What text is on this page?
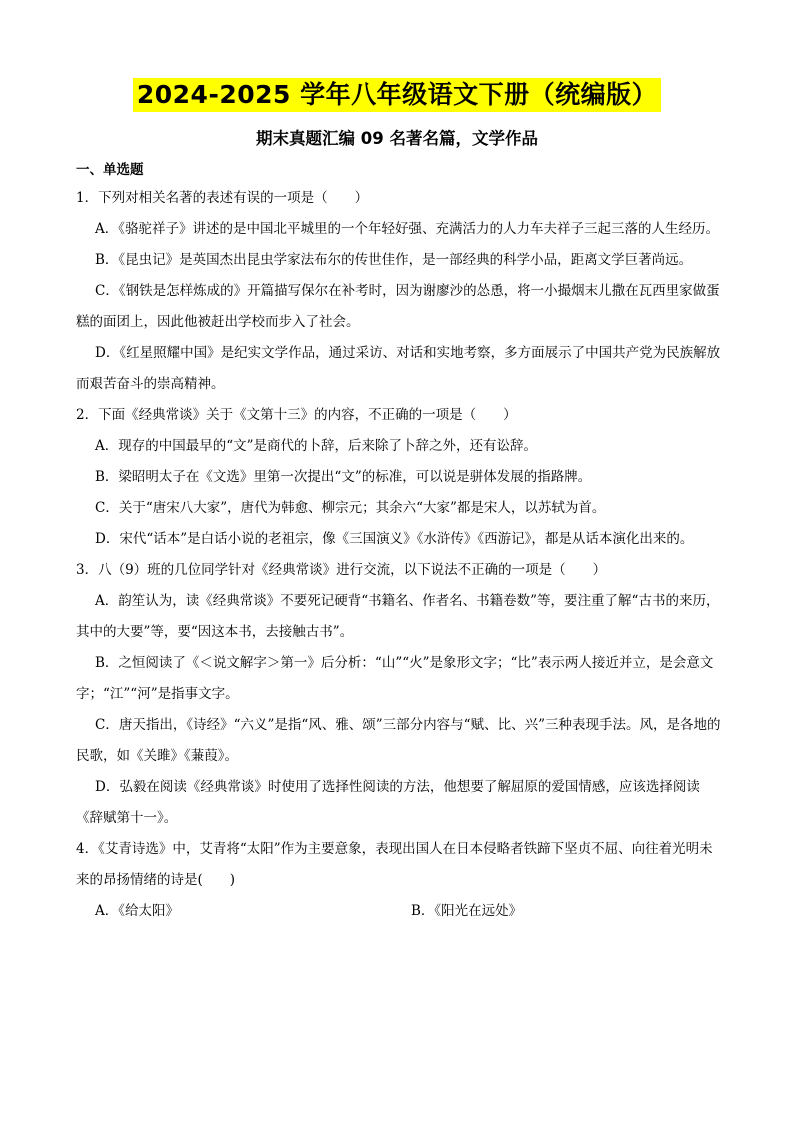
2024-2025 学年八年级语文下册（统编版）
期末真题汇编 09 名著名篇，文学作品
一、单选题

1．下列对相关名著的表述有误的一项是（　　）

A．《骆驼祥子》讲述的是中国北平城里的一个年轻好强、充满活力的人力车夫祥子三起三落的人生经历。

B．《昆虫记》是英国杰出昆虫学家法布尔的传世佳作，是一部经典的科学小品，距离文学巨著尚远。

C．《钢铁是怎样炼成的》开篇描写保尔在补考时，因为谢廖沙的怂恿，将一小撮烟末儿撒在瓦西里家做蛋糕的面团上，因此他被赶出学校而步入了社会。

D．《红星照耀中国》是纪实文学作品，通过采访、对话和实地考察，多方面展示了中国共产党为民族解放而艰苦奋斗的崇高精神。

2．下面《经典常谈》关于《文第十三》的内容，不正确的一项是（　　）

A．现存的中国最早的“文”是商代的卜辞，后来除了卜辞之外，还有讼辞。

B．梁昭明太子在《文选》里第一次提出“文”的标准，可以说是骈体发展的指路牌。

C．关于“唐宋八大家”，唐代为韩愈、柳宗元；其余六“大家”都是宋人，以苏轼为首。

D．宋代“话本”是白话小说的老祖宗，像《三国演义》《水浒传》《西游记》，都是从话本演化出来的。

3．八（9）班的几位同学针对《经典常谈》进行交流，以下说法不正确的一项是（　　）

A．韵笙认为，读《经典常谈》不要死记硬背“书籍名、作者名、书籍卷数”等，要注重了解“古书的来历，其中的大要”等，要“因这本书，去接触古书”。

B．之恒阅读了《＜说文解字＞第一》后分析：“山”“火”是象形文字；“比”表示两人接近并立，是会意文字；“江”“河”是指事文字。

C．唐天指出，《诗经》“六义”是指“风、雅、颂”三部分内容与“赋、比、兴”三种表现手法。风，是各地的民歌，如《关雎》《蒹葭》。

D．弘毅在阅读《经典常谈》时使用了选择性阅读的方法，他想要了解屈原的爱国情感，应该选择阅读《辞赋第十一》。

4．《艾青诗选》中，艾青将“太阳”作为主要意象，表现出国人在日本侵略者铁蹄下坚贞不屈、向往着光明未来的昂扬情绪的诗是(　　)

A．《给太阳》	B．《阳光在远处》
